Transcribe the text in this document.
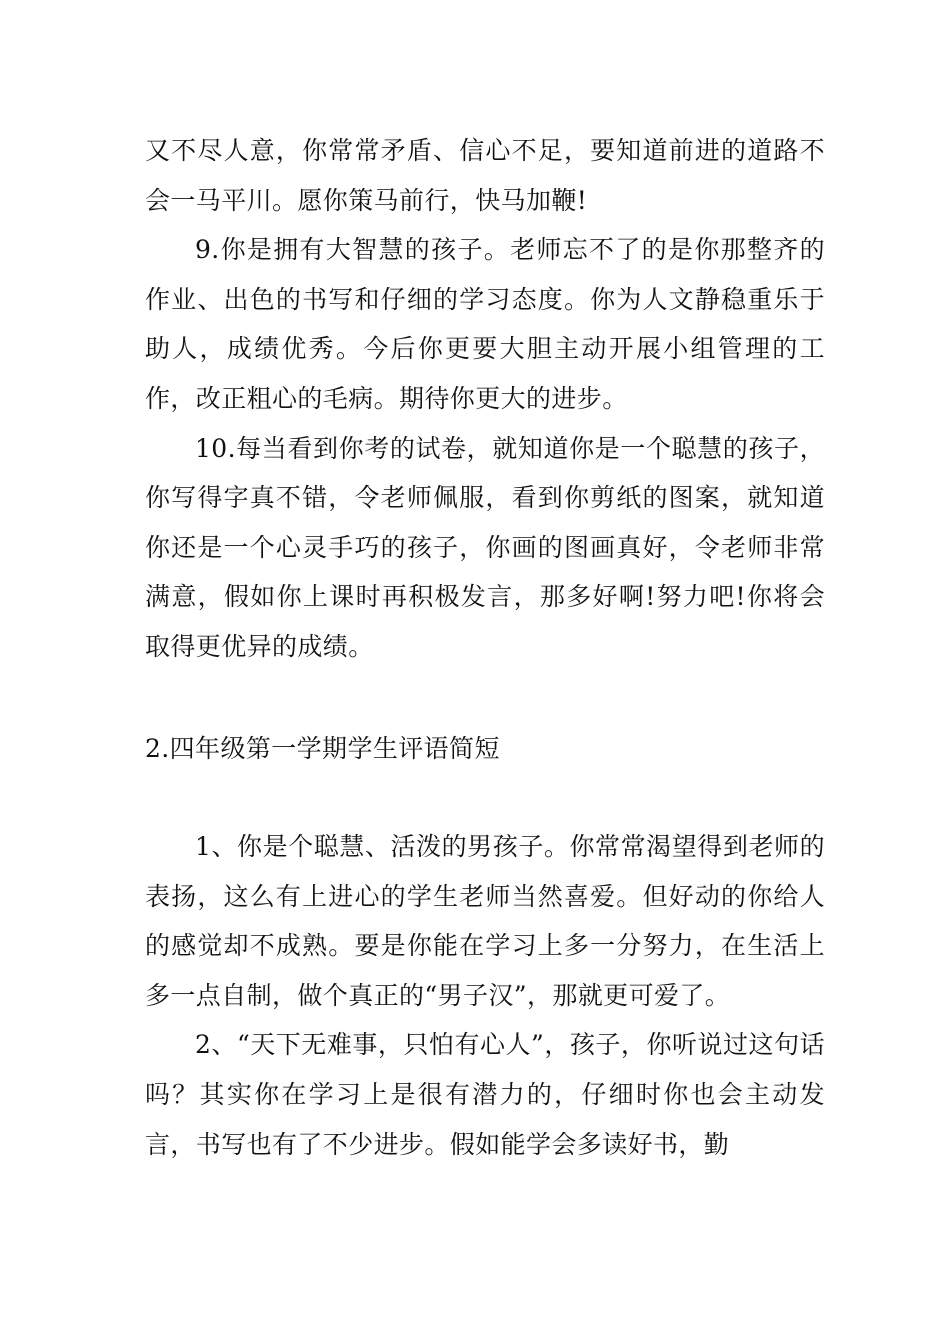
又不尽人意，你常常矛盾、信心不足，要知道前进的道路不会一马平川。愿你策马前行，快马加鞭!

9.你是拥有大智慧的孩子。老师忘不了的是你那整齐的作业、出色的书写和仔细的学习态度。你为人文静稳重乐于助人，成绩优秀。今后你更要大胆主动开展小组管理的工作，改正粗心的毛病。期待你更大的进步。

10.每当看到你考的试卷，就知道你是一个聪慧的孩子，你写得字真不错，令老师佩服，看到你剪纸的图案，就知道你还是一个心灵手巧的孩子，你画的图画真好，令老师非常满意，假如你上课时再积极发言，那多好啊!努力吧!你将会取得更优异的成绩。

2.四年级第一学期学生评语简短

1、你是个聪慧、活泼的男孩子。你常常渴望得到老师的表扬，这么有上进心的学生老师当然喜爱。但好动的你给人的感觉却不成熟。要是你能在学习上多一分努力，在生活上多一点自制，做个真正的“男子汉”，那就更可爱了。

2、“天下无难事，只怕有心人”，孩子，你听说过这句话吗？其实你在学习上是很有潜力的，仔细时你也会主动发言，书写也有了不少进步。假如能学会多读好书，勤
